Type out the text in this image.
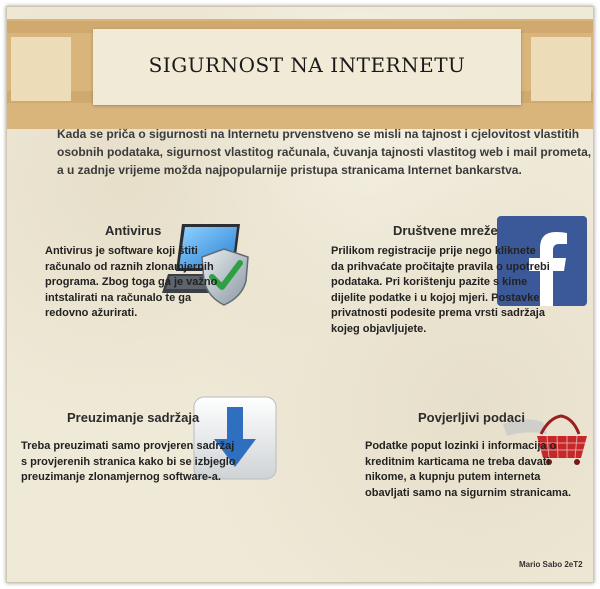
SIGURNOST NA INTERNETU
Kada se priča o sigurnosti na Internetu prvenstveno se misli na tajnost i cjelovitost vlastitih
osobnih podataka, sigurnost vlastitog računala, čuvanja tajnosti vlastitog web i mail prometa,
a u zadnje vrijeme možda najpopularnije pristupa stranicama Internet bankarstva.
Antivirus
Antivirus je software koji štiti
računalo od raznih zlonamjernih
programa. Zbog toga ga je važno
intstalirati na računalo te ga
redovno ažurirati.
Društvene mreže
Prilikom registracije prije nego kliknete
da prihvaćate pročitajte pravila o upotrebi
podataka. Pri korištenju pazite s kime
dijelite podatke i u kojoj mjeri. Postavke
privatnosti podesite prema vrsti sadržaja
kojeg objavljujete.
Preuzimanje sadržaja
Treba preuzimati samo provjeren sadržaj
s provjerenih stranica kako bi se izbjeglo
preuzimanje zlonamjernog software-a.
Povjerljivi podaci
Podatke poput lozinki i informacija o
kreditnim karticama ne treba davati
nikome, a kupnju putem interneta
obavljati samo na sigurnim stranicama.
Mario Sabo 2eT2
